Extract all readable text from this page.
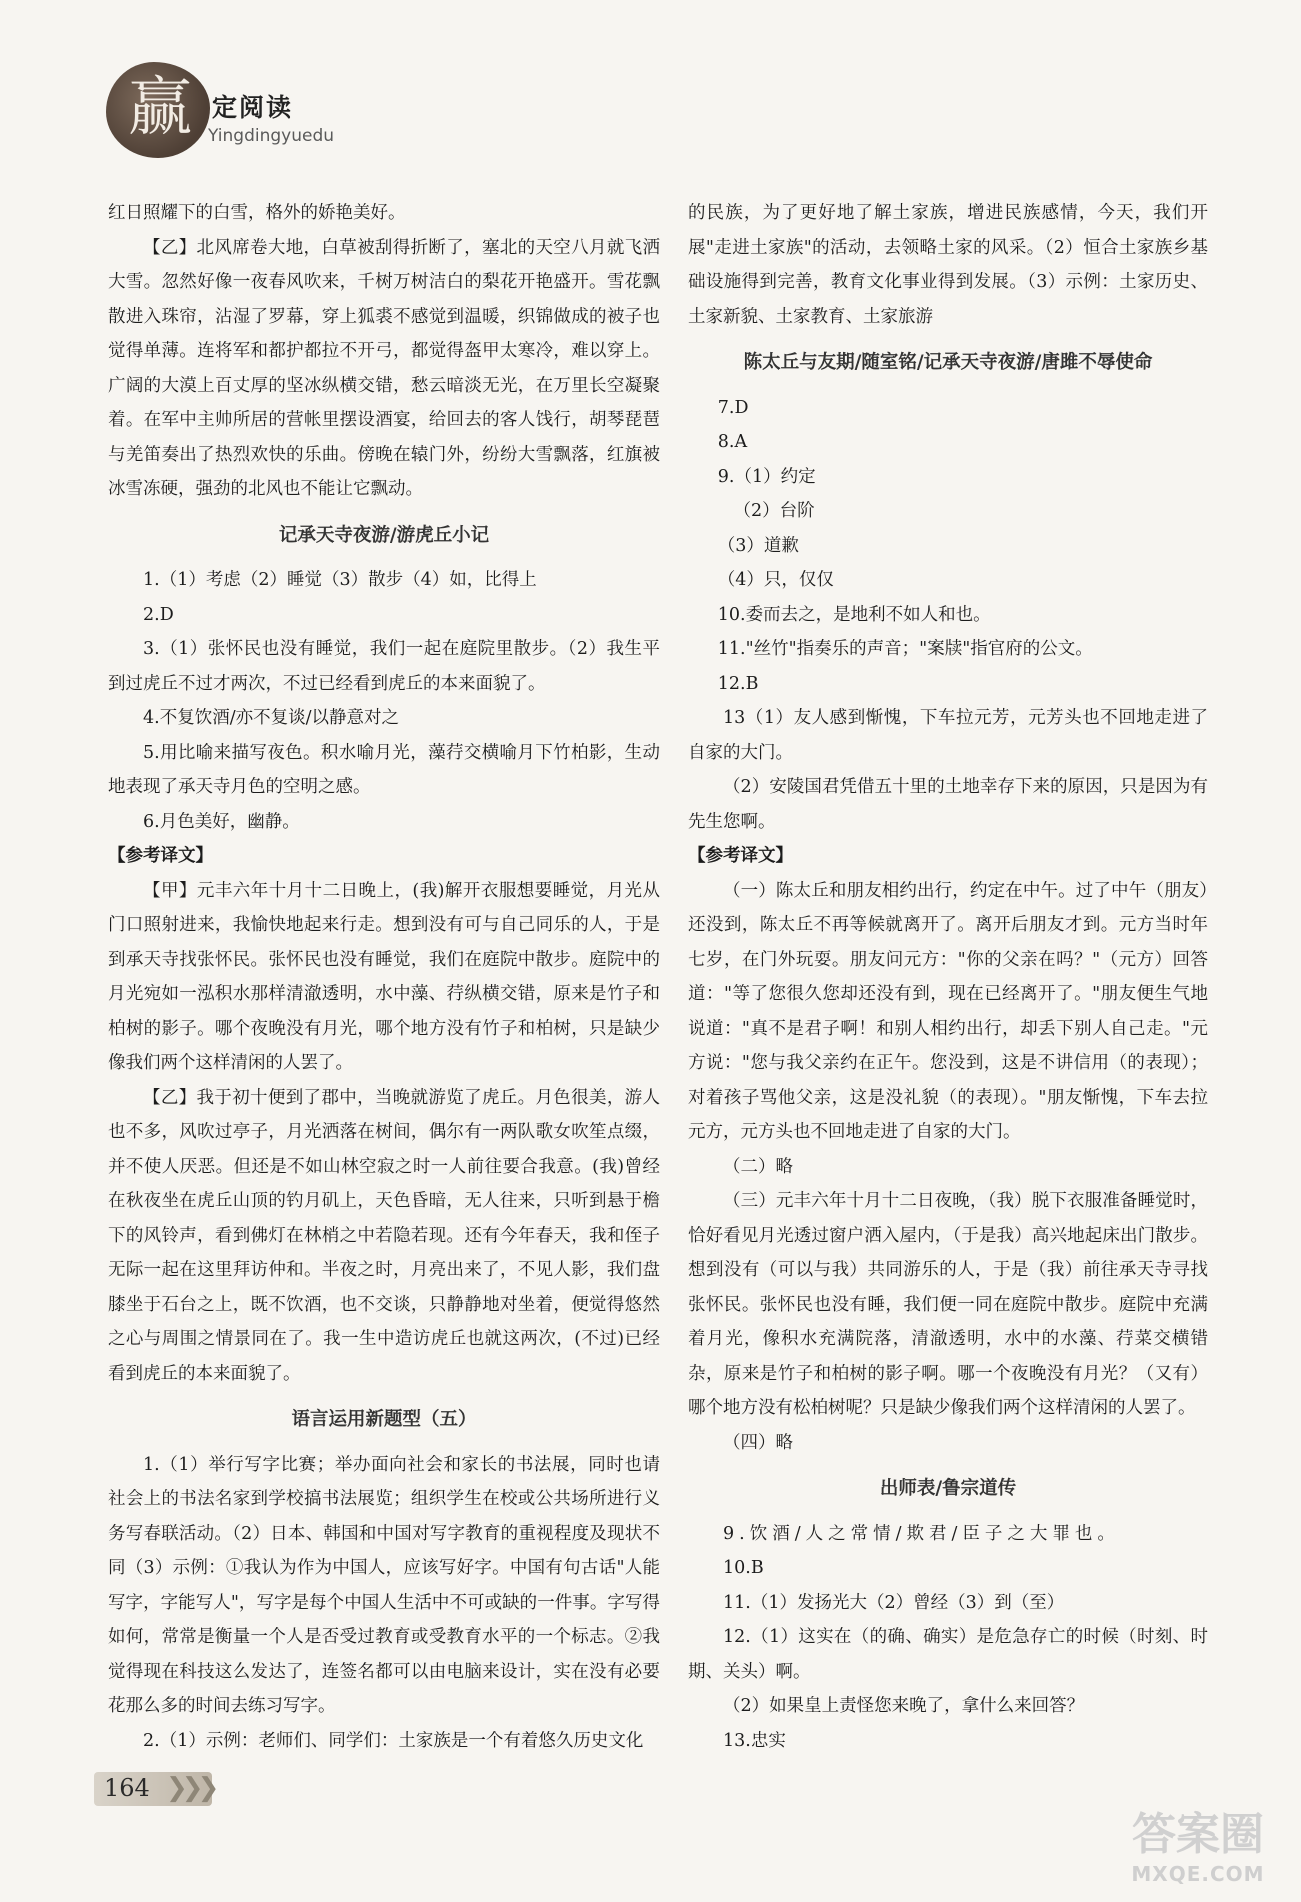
赢 定阅读
Yingdingyuedu

红日照耀下的白雪，格外的娇艳美好。

【乙】北风席卷大地，白草被刮得折断了，塞北的天空八月就飞洒大雪。忽然好像一夜春风吹来，千树万树洁白的梨花开艳盛开。雪花飘散进入珠帘，沾湿了罗幕，穿上狐裘不感觉到温暖，织锦做成的被子也觉得单薄。连将军和都护都拉不开弓，都觉得盔甲太寒冷，难以穿上。广阔的大漠上百丈厚的坚冰纵横交错，愁云暗淡无光，在万里长空凝聚着。在军中主帅所居的营帐里摆设酒宴，给回去的客人饯行，胡琴琵琶与羌笛奏出了热烈欢快的乐曲。傍晚在辕门外，纷纷大雪飘落，红旗被冰雪冻硬，强劲的北风也不能让它飘动。

记承天寺夜游/游虎丘小记

1.（1）考虑（2）睡觉（3）散步（4）如，比得上

2.D

3.（1）张怀民也没有睡觉，我们一起在庭院里散步。（2）我生平到过虎丘不过才两次，不过已经看到虎丘的本来面貌了。

4.不复饮酒/亦不复谈/以静意对之

5.用比喻来描写夜色。积水喻月光，藻荇交横喻月下竹柏影，生动地表现了承天寺月色的空明之感。

6.月色美好，幽静。

【参考译文】

【甲】元丰六年十月十二日晚上，(我)解开衣服想要睡觉，月光从门口照射进来，我愉快地起来行走。想到没有可与自己同乐的人，于是到承天寺找张怀民。张怀民也没有睡觉，我们在庭院中散步。庭院中的月光宛如一泓积水那样清澈透明，水中藻、荇纵横交错，原来是竹子和柏树的影子。哪个夜晚没有月光，哪个地方没有竹子和柏树，只是缺少像我们两个这样清闲的人罢了。

【乙】我于初十便到了郡中，当晚就游览了虎丘。月色很美，游人也不多，风吹过亭子，月光洒落在树间，偶尔有一两队歌女吹笙点缀，并不使人厌恶。但还是不如山林空寂之时一人前往要合我意。(我)曾经在秋夜坐在虎丘山顶的钓月矶上，天色昏暗，无人往来，只听到悬于檐下的风铃声，看到佛灯在林梢之中若隐若现。还有今年春天，我和侄子无际一起在这里拜访仲和。半夜之时，月亮出来了，不见人影，我们盘膝坐于石台之上，既不饮酒，也不交谈，只静静地对坐着，便觉得悠然之心与周围之情景同在了。我一生中造访虎丘也就这两次，(不过)已经看到虎丘的本来面貌了。

语言运用新题型（五）

1.（1）举行写字比赛；举办面向社会和家长的书法展，同时也请社会上的书法名家到学校搞书法展览；组织学生在校或公共场所进行义务写春联活动。（2）日本、韩国和中国对写字教育的重视程度及现状不同（3）示例：①我认为作为中国人，应该写好字。中国有句古话"人能写字，字能写人"，写字是每个中国人生活中不可或缺的一件事。字写得如何，常常是衡量一个人是否受过教育或受教育水平的一个标志。②我觉得现在科技这么发达了，连签名都可以由电脑来设计，实在没有必要花那么多的时间去练习写字。

2.（1）示例：老师们、同学们：土家族是一个有着悠久历史文化

的民族，为了更好地了解土家族，增进民族感情，今天，我们开展"走进土家族"的活动，去领略土家的风采。（2）恒合土家族乡基础设施得到完善，教育文化事业得到发展。（3）示例：土家历史、土家新貌、土家教育、土家旅游

陈太丘与友期/随室铭/记承天寺夜游/唐雎不辱使命

7.D

8.A

9.（1）约定

（2）台阶

（3）道歉

（4）只，仅仅

10.委而去之，是地利不如人和也。

11."丝竹"指奏乐的声音；"案牍"指官府的公文。

12.B

13（1）友人感到惭愧，下车拉元芳，元芳头也不回地走进了自家的大门。

（2）安陵国君凭借五十里的土地幸存下来的原因，只是因为有先生您啊。

【参考译文】

（一）陈太丘和朋友相约出行，约定在中午。过了中午（朋友）还没到，陈太丘不再等候就离开了。离开后朋友才到。元方当时年七岁，在门外玩耍。朋友问元方："你的父亲在吗？"（元方）回答道："等了您很久您却还没有到，现在已经离开了。"朋友便生气地说道："真不是君子啊！和别人相约出行，却丢下别人自己走。"元方说："您与我父亲约在正午。您没到，这是不讲信用（的表现）；对着孩子骂他父亲，这是没礼貌（的表现）。"朋友惭愧，下车去拉元方，元方头也不回地走进了自家的大门。

（二）略

（三）元丰六年十月十二日夜晚，（我）脱下衣服准备睡觉时，恰好看见月光透过窗户洒入屋内，（于是我）高兴地起床出门散步。想到没有（可以与我）共同游乐的人，于是（我）前往承天寺寻找张怀民。张怀民也没有睡，我们便一同在庭院中散步。庭院中充满着月光，像积水充满院落，清澈透明，水中的水藻、荇菜交横错杂，原来是竹子和柏树的影子啊。哪一个夜晚没有月光？（又有）哪个地方没有松柏树呢？只是缺少像我们两个这样清闲的人罢了。

（四）略

出师表/鲁宗道传

9.饮酒/人之常情/欺君/臣子之大罪也。

10.B

11.（1）发扬光大（2）曾经（3）到（至）

12.（1）这实在（的确、确实）是危急存亡的时候（时刻、时期、关头）啊。

（2）如果皇上责怪您来晚了，拿什么来回答？

13.忠实

164 ❯❯❯
答案圈
MXQE.COM
